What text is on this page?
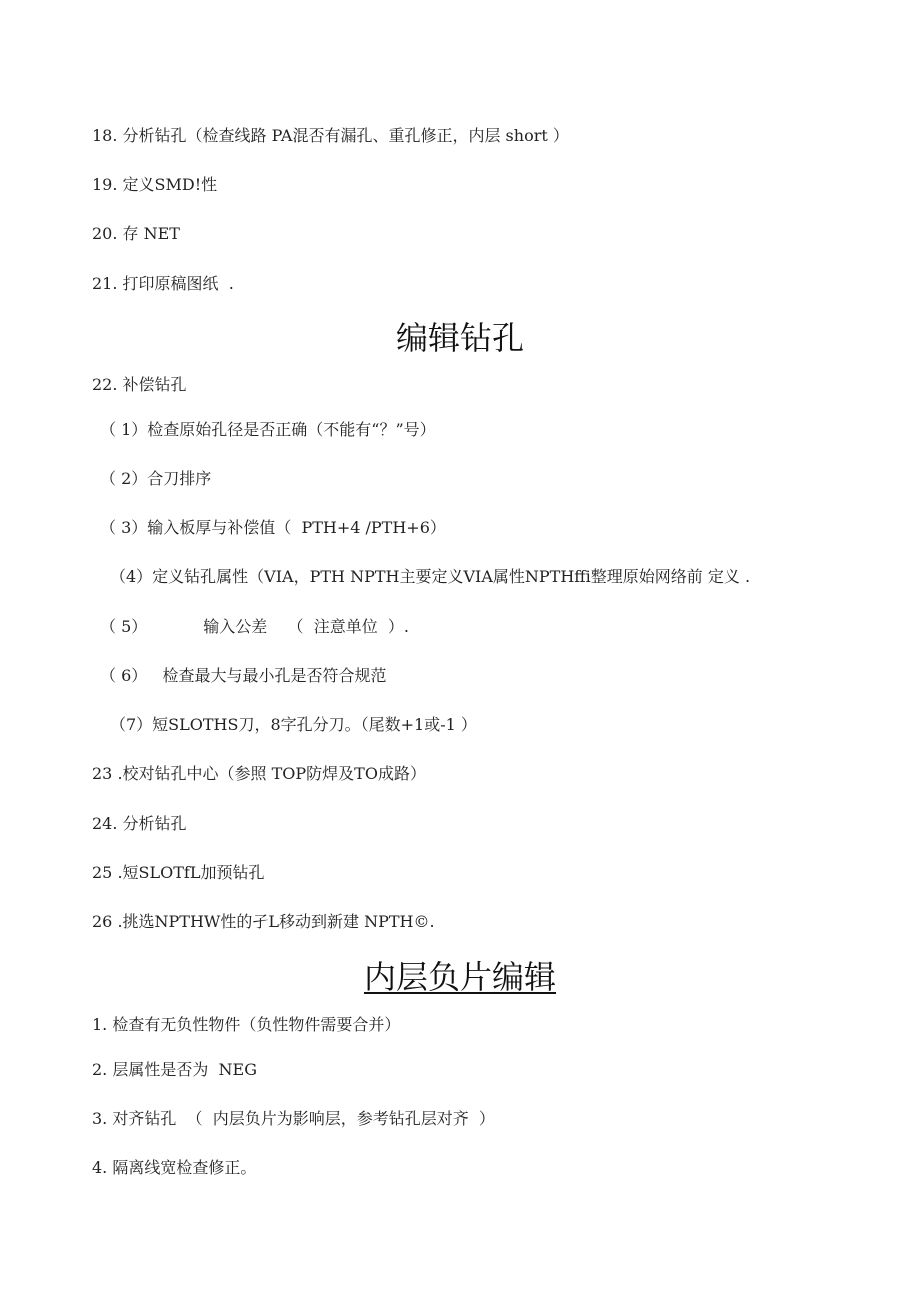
18. 分析钻孔（检查线路 PA混否有漏孔、重孔修正，内层 short ）
19. 定义SMD!性
20. 存 NET
21. 打印原稿图纸  .
编辑钻孔
22. 补偿钻孔
（ 1）检查原始孔径是否正确（不能有“？”号）
（ 2）合刀排序
（ 3）输入板厚与补偿值（  PTH+4 /PTH+6）
（4）定义钻孔属性（VIA，PTH NPTH主要定义VIA属性NPTHffi整理原始网络前 定义 .
（ 5）           输入公差    （  注意单位  ）.
（ 6）   检查最大与最小孔是否符合规范
（7）短SLOTHS刀，8字孔分刀。（尾数+1或-1 ）
23 .校对钻孔中心（参照 TOP防焊及TO成路）
24. 分析钻孔
25 .短SLOTfL加预钻孔
26 .挑选NPTHW性的孑L移动到新建 NPTH©.
内层负片编辑
1. 检查有无负性物件（负性物件需要合并）
2. 层属性是否为  NEG
3. 对齐钻孔  （  内层负片为影响层，参考钻孔层对齐  ）
4. 隔离线宽检查修正。
